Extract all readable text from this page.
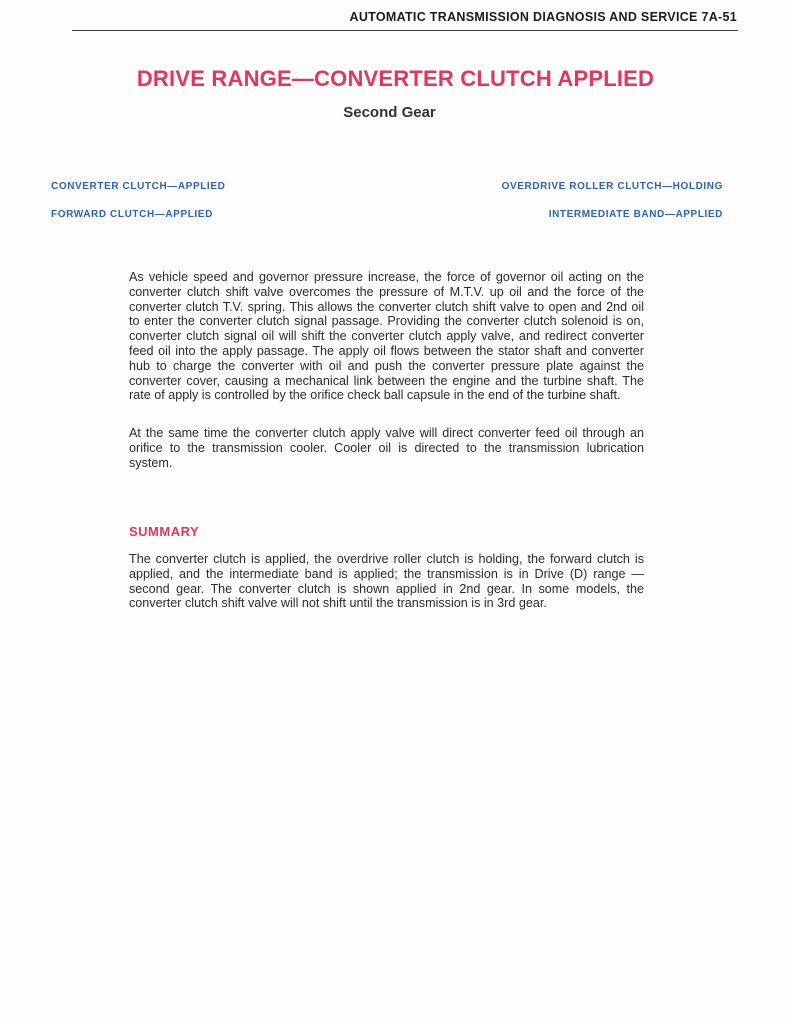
AUTOMATIC TRANSMISSION DIAGNOSIS AND SERVICE 7A-51
DRIVE RANGE—CONVERTER CLUTCH APPLIED
Second Gear
CONVERTER CLUTCH—APPLIED
FORWARD CLUTCH—APPLIED
OVERDRIVE ROLLER CLUTCH—HOLDING
INTERMEDIATE BAND—APPLIED

As vehicle speed and governor pressure increase, the force of governor oil acting on the converter clutch shift valve overcomes the pressure of M.T.V. up oil and the force of the converter clutch T.V. spring. This allows the converter clutch shift valve to open and 2nd oil to enter the converter clutch signal passage. Providing the converter clutch solenoid is on, converter clutch signal oil will shift the converter clutch apply valve, and redirect converter feed oil into the apply passage. The apply oil flows between the stator shaft and converter hub to charge the converter with oil and push the converter pressure plate against the converter cover, causing a mechanical link between the engine and the turbine shaft. The rate of apply is controlled by the orifice check ball capsule in the end of the turbine shaft.

At the same time the converter clutch apply valve will direct converter feed oil through an orifice to the transmission cooler. Cooler oil is directed to the transmission lubrication system.

SUMMARY

The converter clutch is applied, the overdrive roller clutch is holding, the forward clutch is applied, and the intermediate band is applied; the transmission is in Drive (D) range — second gear. The converter clutch is shown applied in 2nd gear. In some models, the converter clutch shift valve will not shift until the transmission is in 3rd gear.
